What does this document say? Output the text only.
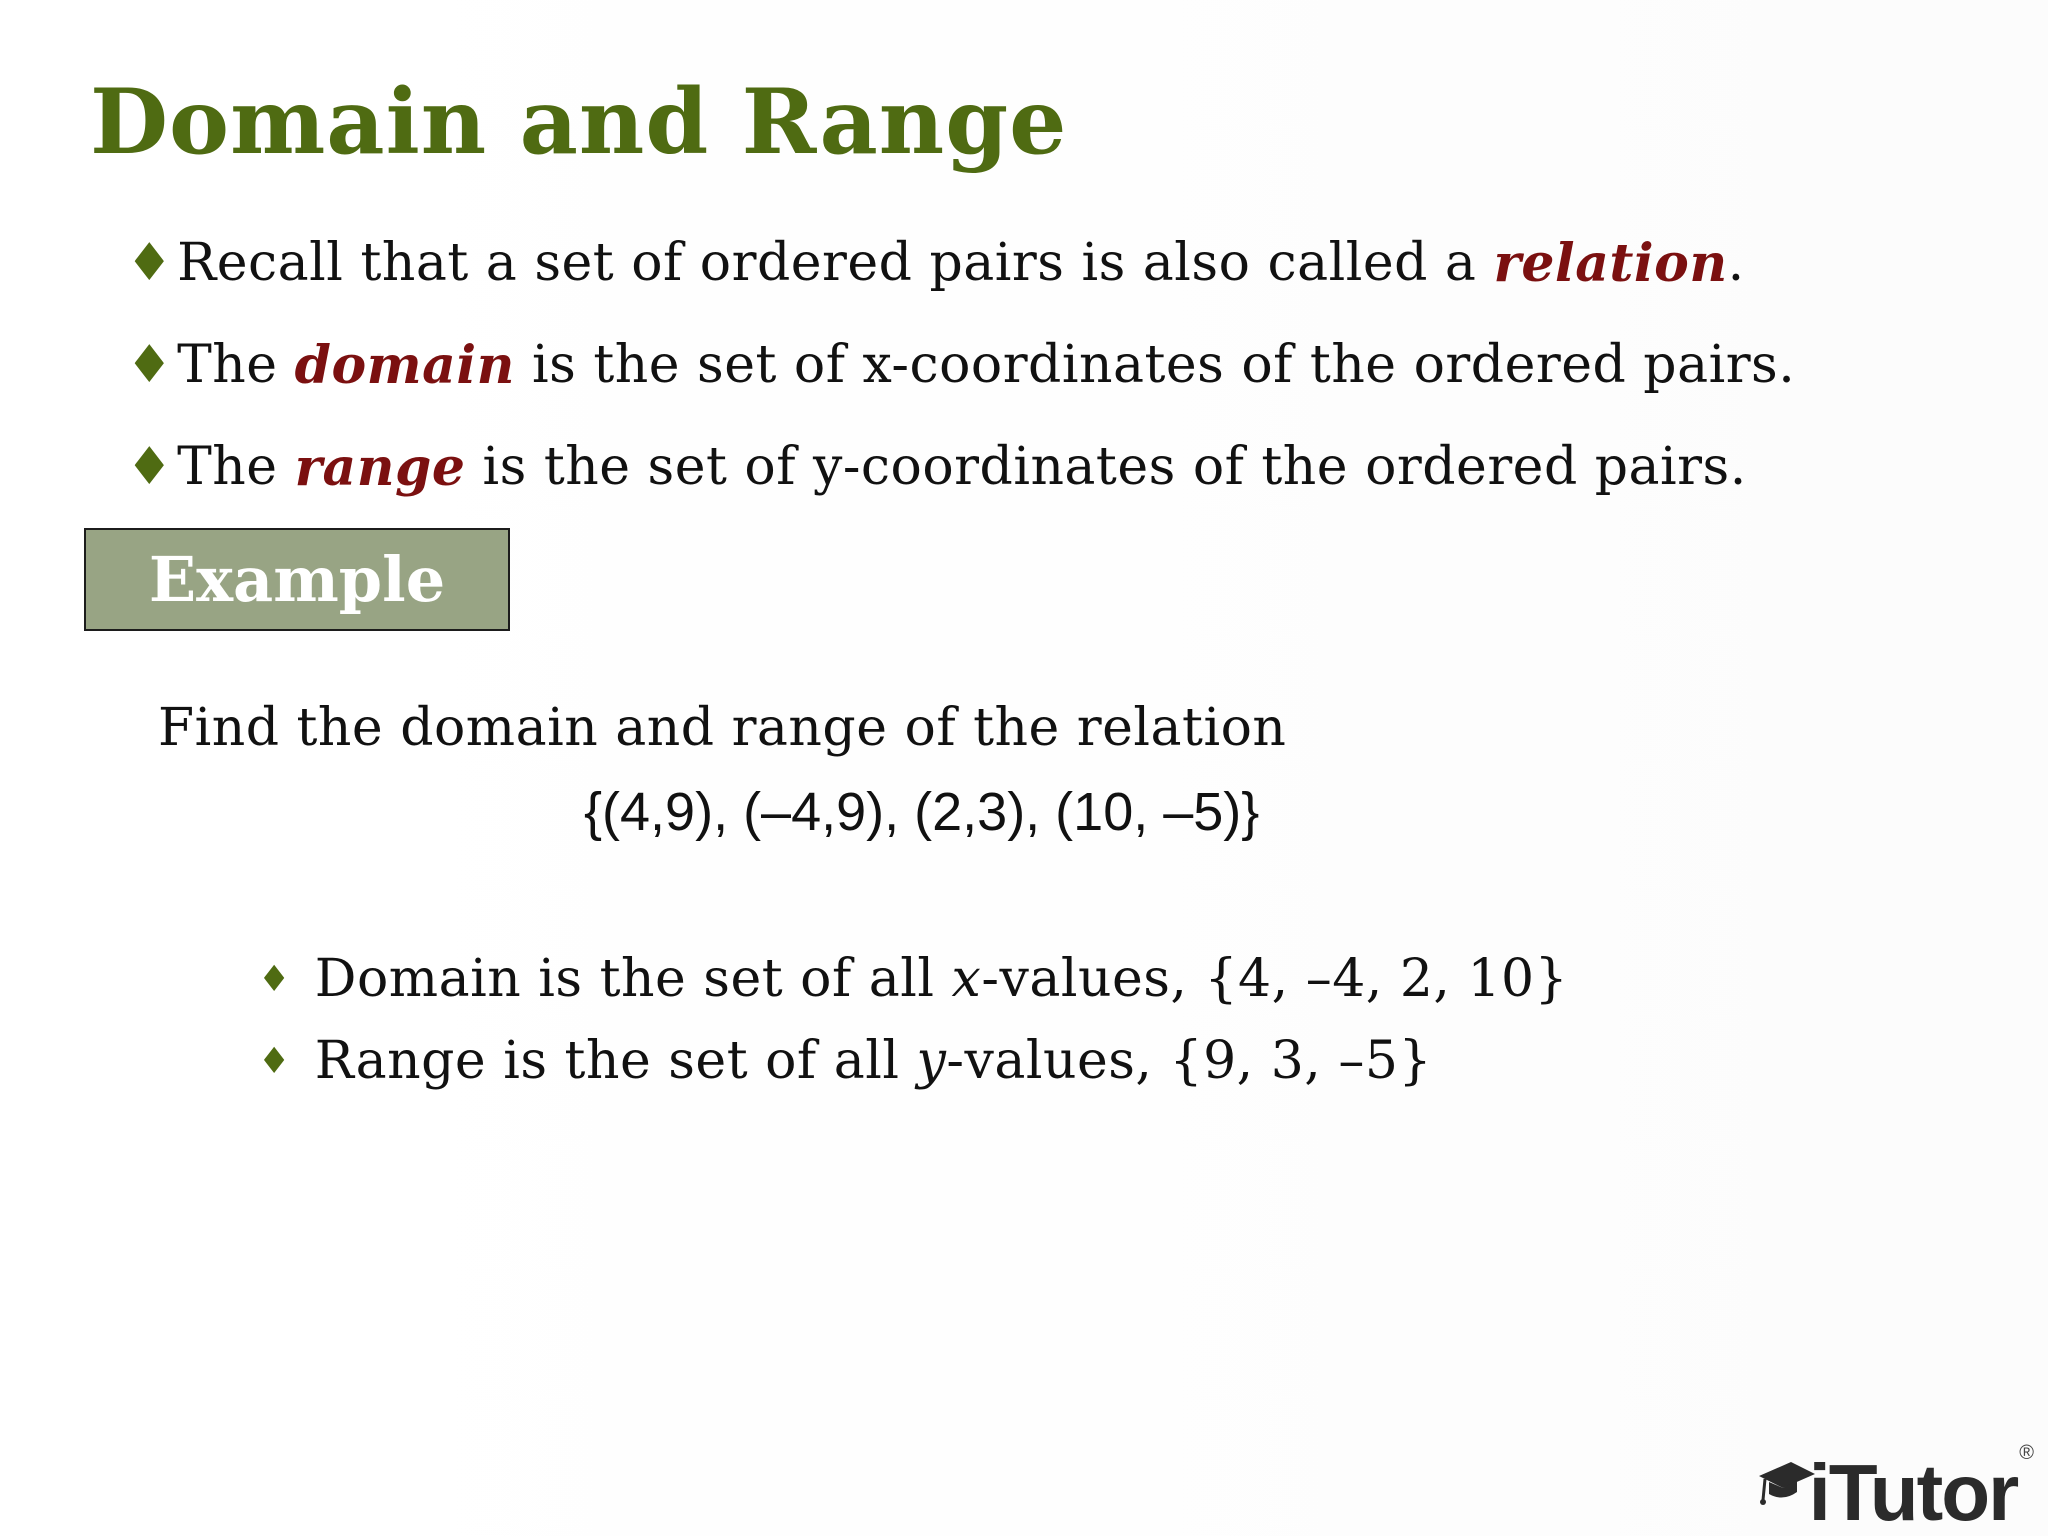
Domain and Range
♦ Recall that a set of ordered pairs is also called a relation .
♦ The domain is the set of x-coordinates of the ordered pairs.
♦ The range is the set of y-coordinates of the ordered pairs.
Example
Find the domain and range of the relation
{(4,9), (–4,9), (2,3), (10, –5)}
♦ Domain is the set of all x -values, {4, –4, 2, 10}
♦ Range is the set of all y -values, {9, 3, –5}
iTutor ®
